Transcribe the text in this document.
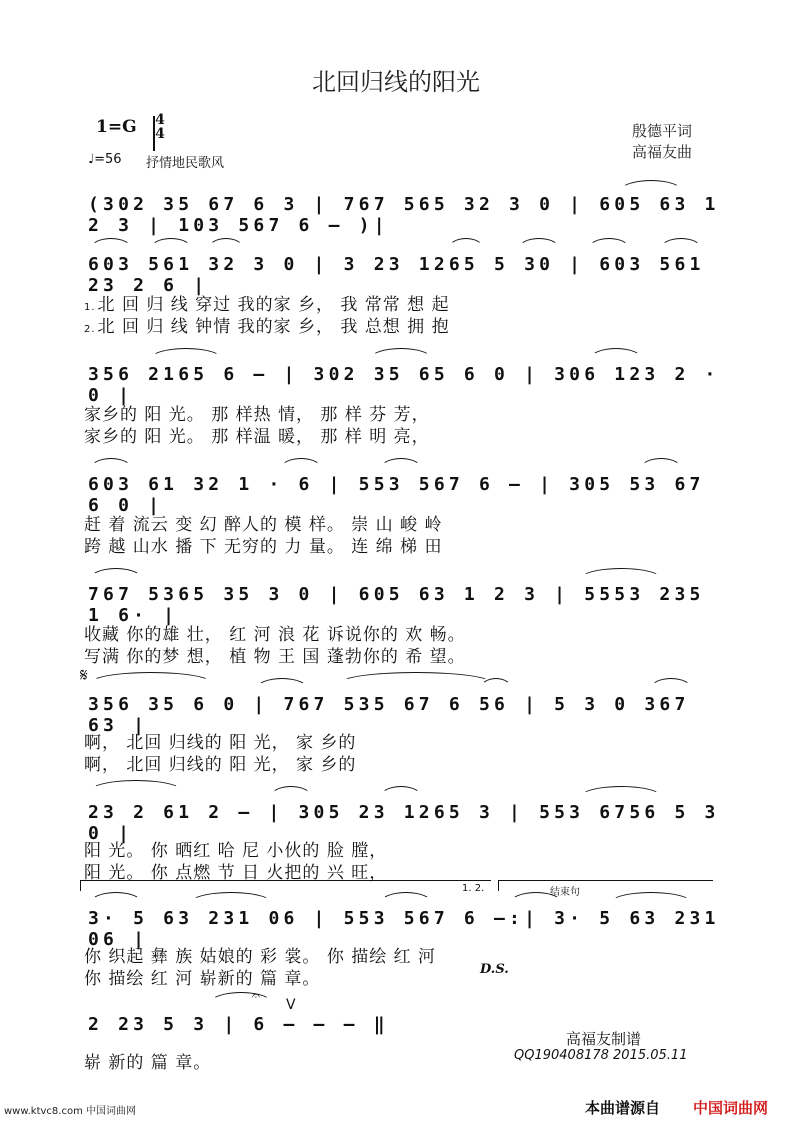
北回归线的阳光
1=G 4
4
♩=56 抒情地民歌风
殷德平词
高福友曲
(302 35 67 6 3 | 767 565 32 3 0 | 605 63 1 2 3 | 103 567 6 – )|
603 561 32 3 0 | 3 23 1265 5 30 | 603 561 23 2 6 |
1. 北 回 归 线 穿过 我的家 乡， 我 常常 想 起
2. 北 回 归 线 钟情 我的家 乡， 我 总想 拥 抱
356 2165 6 – | 302 35 65 6 0 | 306 123 2 · 0 |
家乡的 阳 光。 那 样热 情， 那 样 芬 芳，
家乡的 阳 光。 那 样温 暖， 那 样 明 亮，
603 61 32 1 · 6 | 553 567 6 – | 305 53 67 6 0 |
赶 着 流云 变 幻 醉人的 模 样。 崇 山 峻 岭
跨 越 山水 播 下 无穷的 力 量。 连 绵 梯 田
767 5365 35 3 0 | 605 63 1 2 3 | 5553 235 1 6· |
收藏 你的雄 壮， 红 河 浪 花 诉说你的 欢 畅。
写满 你的梦 想， 植 物 王 国 蓬勃你的 希 望。
𝄋
356 35 6 0 | 767 535 67 6 56 | 5 3 0 367 63 |
啊， 北回 归线的 阳 光， 家 乡的
啊， 北回 归线的 阳 光， 家 乡的
23 2 61 2 – | 305 23 1265 3 | 553 6756 5 3 0 |
阳 光。 你 晒红 哈 尼 小伙的 脸 膛，
阳 光。 你 点燃 节 日 火把的 兴 旺，
1. 2.	结束句
3· 5 63 231 06 | 553 567 6 –:| 3· 5 63 231 06 |
你 织起 彝 族 姑娘的 彩 裳。 你 描绘 红 河
你 描绘 红 河 崭新的 篇 章。	D.S.
𝄐
V
2 23 5 3 | 6 – – – ‖
崭 新的 篇 章。
高福友制谱
QQ190408178 2015.05.11
www.ktvc8.com 中国词曲网	本曲谱源自 中国词曲网
